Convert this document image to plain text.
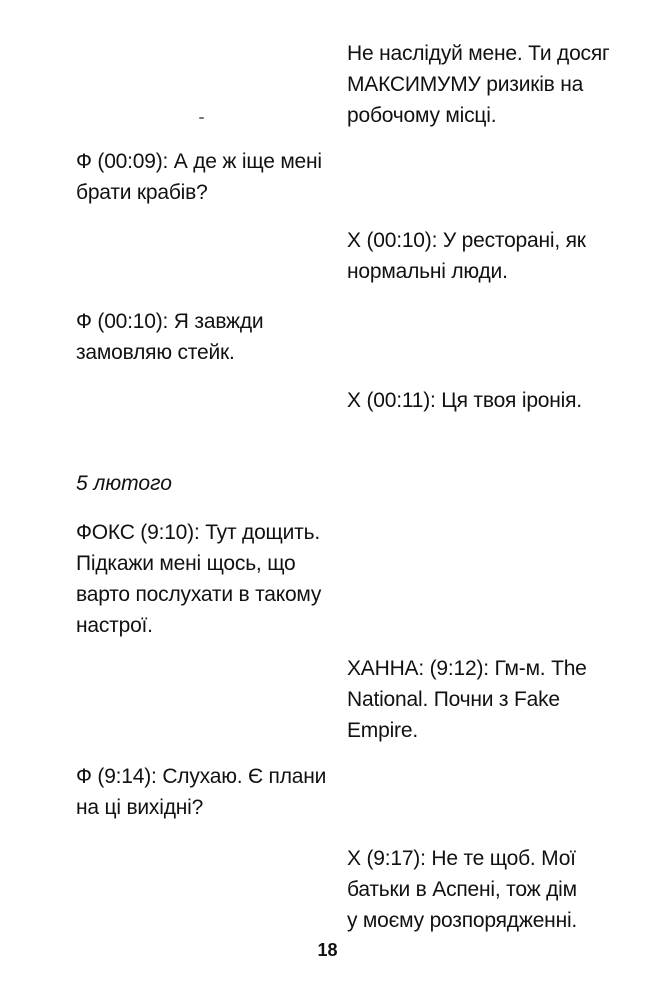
Не наслідуй мене. Ти досяг
МАКСИМУМУ ризиків на
робочому місці.
Ф (00:09): А де ж іще мені
брати крабів?
Х (00:10): У ресторані, як
нормальні люди.
Ф (00:10): Я завжди
замовляю стейк.
Х (00:11): Ця твоя іронія.
5 лютого
ФОКС (9:10): Тут дощить.
Підкажи мені щось, що
варто послухати в такому
настрої.
ХАННА: (9:12): Гм-м. The
National. Почни з Fake
Empire.
Ф (9:14): Слухаю. Є плани
на ці вихідні?
Х (9:17): Не те щоб. Мої
батьки в Аспені, тож дім
у моєму розпорядженні.
18
